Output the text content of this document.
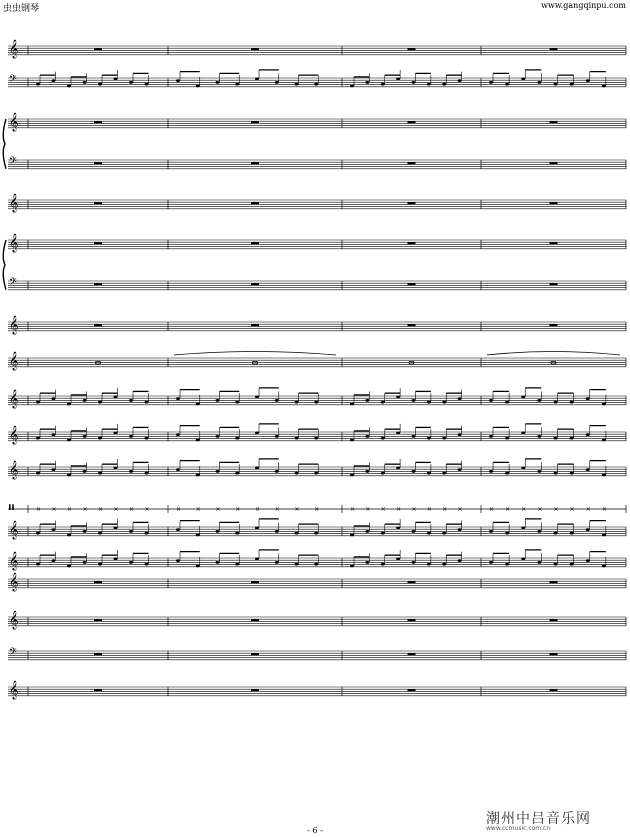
虫虫钢琴	www.gangqinpu.com
𝄞
𝄢
𝄞
𝄢
𝄞
𝄞
𝄢
𝄞
𝄞
𝄞
𝄞
𝄞
𝄥	× × × × × × × ×	× × × × × × × ×	× × × × × × × ×	× × × × × × × ×
𝄞
𝄞
𝄞
𝄞
𝄢
𝄞
潮州中吕音乐网
www.ccmusic.com.cn
- 6 -
